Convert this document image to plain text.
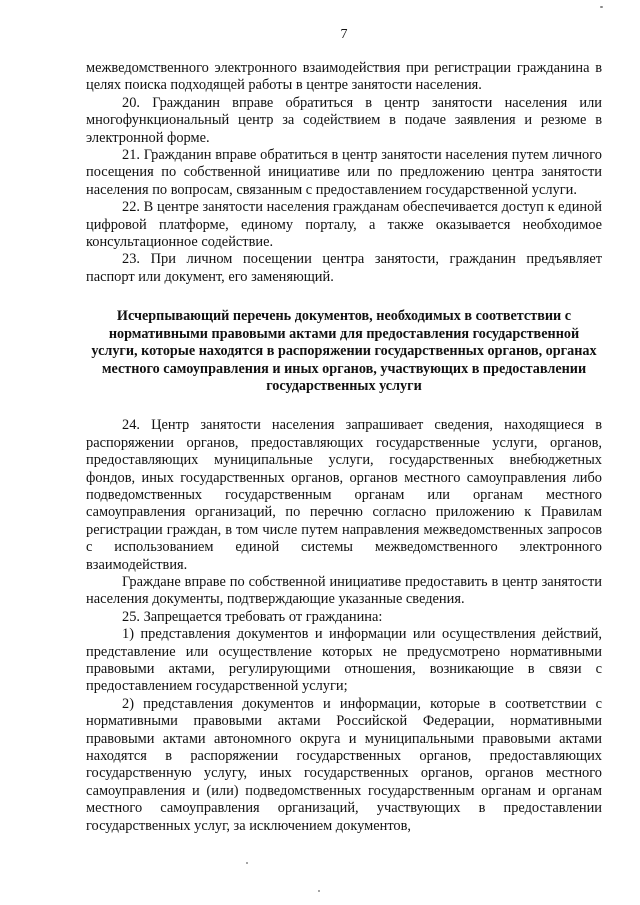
7

межведомственного электронного взаимодействия при регистрации гражданина в целях поиска подходящей работы в центре занятости населения.

20. Гражданин вправе обратиться в центр занятости населения или многофункциональный центр за содействием в подаче заявления и резюме в электронной форме.

21. Гражданин вправе обратиться в центр занятости населения путем личного посещения по собственной инициативе или по предложению центра занятости населения по вопросам, связанным с предоставлением государственной услуги.

22. В центре занятости населения гражданам обеспечивается доступ к единой цифровой платформе, единому порталу, а также оказывается необходимое консультационное содействие.

23. При личном посещении центра занятости, гражданин предъявляет паспорт или документ, его заменяющий.

Исчерпывающий перечень документов, необходимых в соответствии с нормативными правовыми актами для предоставления государственной услуги, которые находятся в распоряжении государственных органов, органах местного самоуправления и иных органов, участвующих в предоставлении государственных услуги

24. Центр занятости населения запрашивает сведения, находящиеся в распоряжении органов, предоставляющих государственные услуги, органов, предоставляющих муниципальные услуги, государственных внебюджетных фондов, иных государственных органов, органов местного самоуправления либо подведомственных государственным органам или органам местного самоуправления организаций, по перечню согласно приложению к Правилам регистрации граждан, в том числе путем направления межведомственных запросов с использованием единой системы межведомственного электронного взаимодействия.

Граждане вправе по собственной инициативе предоставить в центр занятости населения документы, подтверждающие указанные сведения.

25. Запрещается требовать от гражданина:

1) представления документов и информации или осуществления действий, представление или осуществление которых не предусмотрено нормативными правовыми актами, регулирующими отношения, возникающие в связи с предоставлением государственной услуги;

2) представления документов и информации, которые в соответствии с нормативными правовыми актами Российской Федерации, нормативными правовыми актами автономного округа и муниципальными правовыми актами находятся в распоряжении государственных органов, предоставляющих государственную услугу, иных государственных органов, органов местного самоуправления и (или) подведомственных государственным органам и органам местного самоуправления организаций, участвующих в предоставлении государственных услуг, за исключением документов,
